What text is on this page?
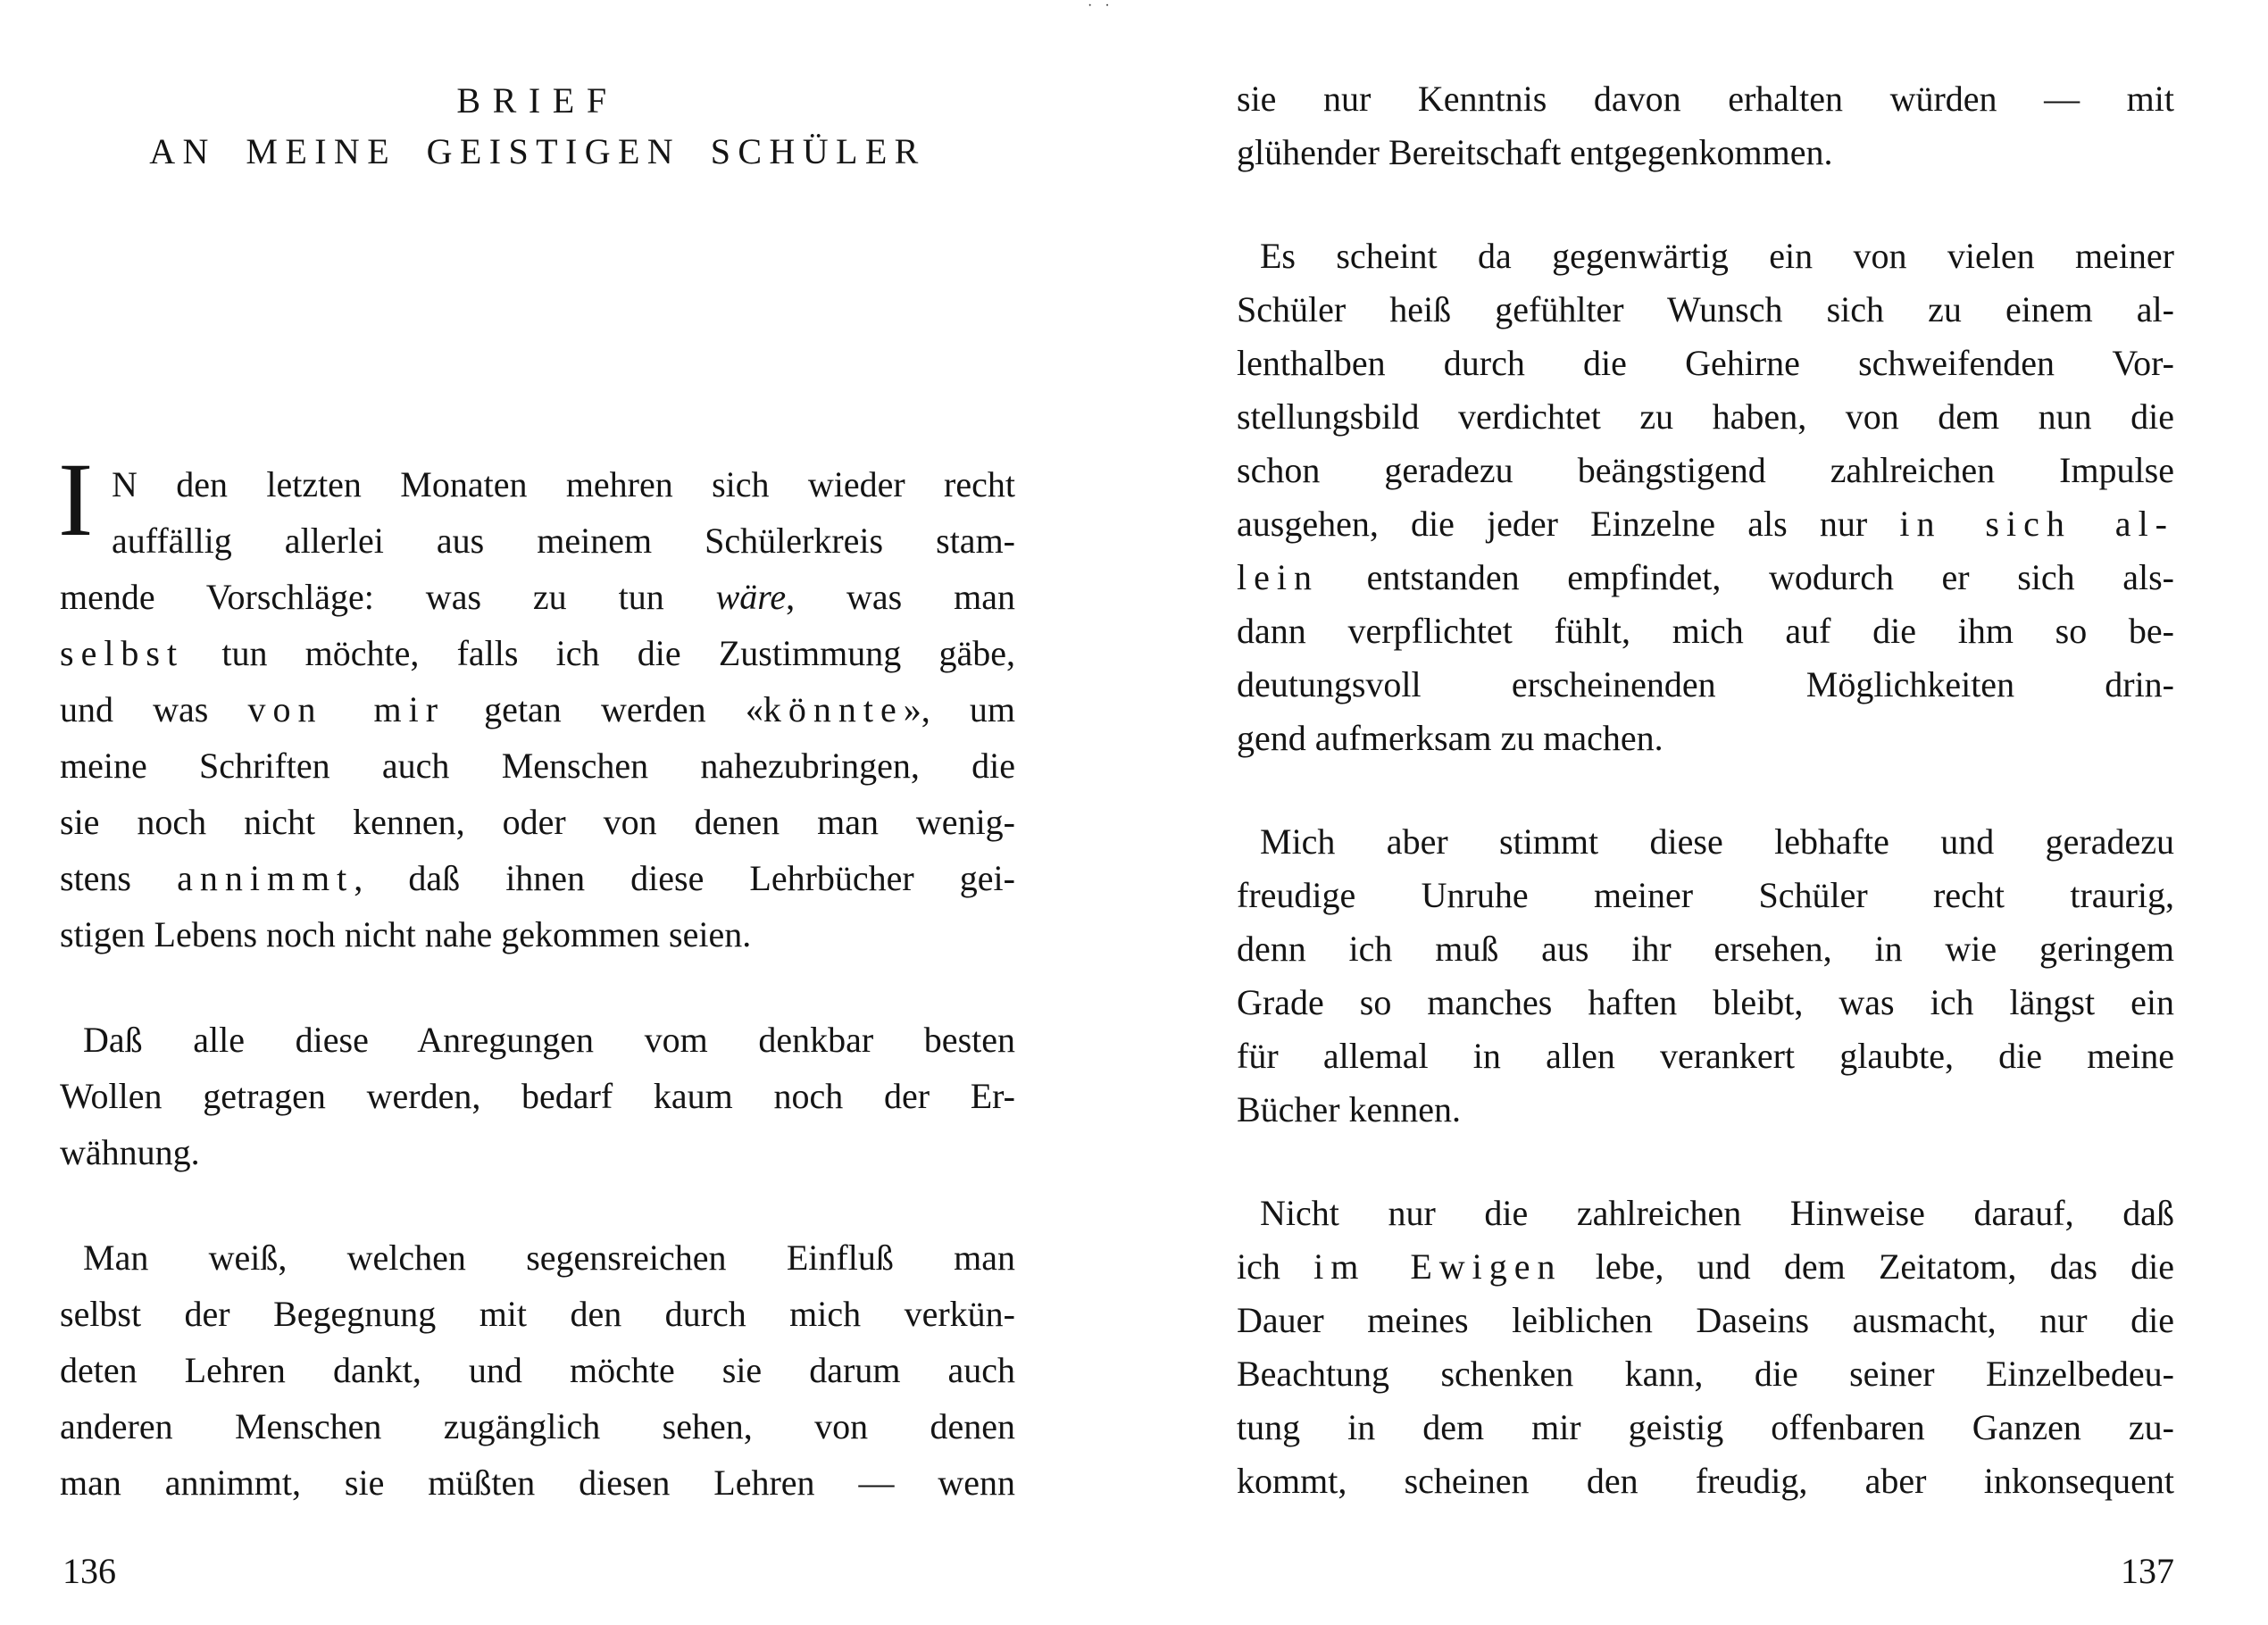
· ·
BRIEF
AN MEINE GEISTIGEN SCHÜLER
I N den letzten Monaten mehren sich wieder recht
auffällig allerlei aus meinem Schülerkreis stam-
mende Vorschläge: was zu tun wäre, was man
selbst tun möchte, falls ich die Zustimmung gäbe,
und was von mir getan werden «könnte», um
meine Schriften auch Menschen nahezubringen, die
sie noch nicht kennen, oder von denen man wenig-
stens annimmt, daß ihnen diese Lehrbücher gei-
stigen Lebens noch nicht nahe gekommen seien.
Daß alle diese Anregungen vom denkbar besten
Wollen getragen werden, bedarf kaum noch der Er-
wähnung.
Man weiß, welchen segensreichen Einfluß man
selbst der Begegnung mit den durch mich verkün-
deten Lehren dankt, und möchte sie darum auch
anderen Menschen zugänglich sehen, von denen
man annimmt, sie müßten diesen Lehren — wenn
136
sie nur Kenntnis davon erhalten würden — mit
glühender Bereitschaft entgegenkommen.
Es scheint da gegenwärtig ein von vielen meiner
Schüler heiß gefühlter Wunsch sich zu einem al-
lenthalben durch die Gehirne schweifenden Vor-
stellungsbild verdichtet zu haben, von dem nun die
schon geradezu beängstigend zahlreichen Impulse
ausgehen, die jeder Einzelne als nur in sich al-
lein entstanden empfindet, wodurch er sich als-
dann verpflichtet fühlt, mich auf die ihm so be-
deutungsvoll erscheinenden Möglichkeiten drin-
gend aufmerksam zu machen.
Mich aber stimmt diese lebhafte und geradezu
freudige Unruhe meiner Schüler recht traurig,
denn ich muß aus ihr ersehen, in wie geringem
Grade so manches haften bleibt, was ich längst ein
für allemal in allen verankert glaubte, die meine
Bücher kennen.
Nicht nur die zahlreichen Hinweise darauf, daß
ich im Ewigen lebe, und dem Zeitatom, das die
Dauer meines leiblichen Daseins ausmacht, nur die
Beachtung schenken kann, die seiner Einzelbedeu-
tung in dem mir geistig offenbaren Ganzen zu-
kommt, scheinen den freudig, aber inkonsequent
137
